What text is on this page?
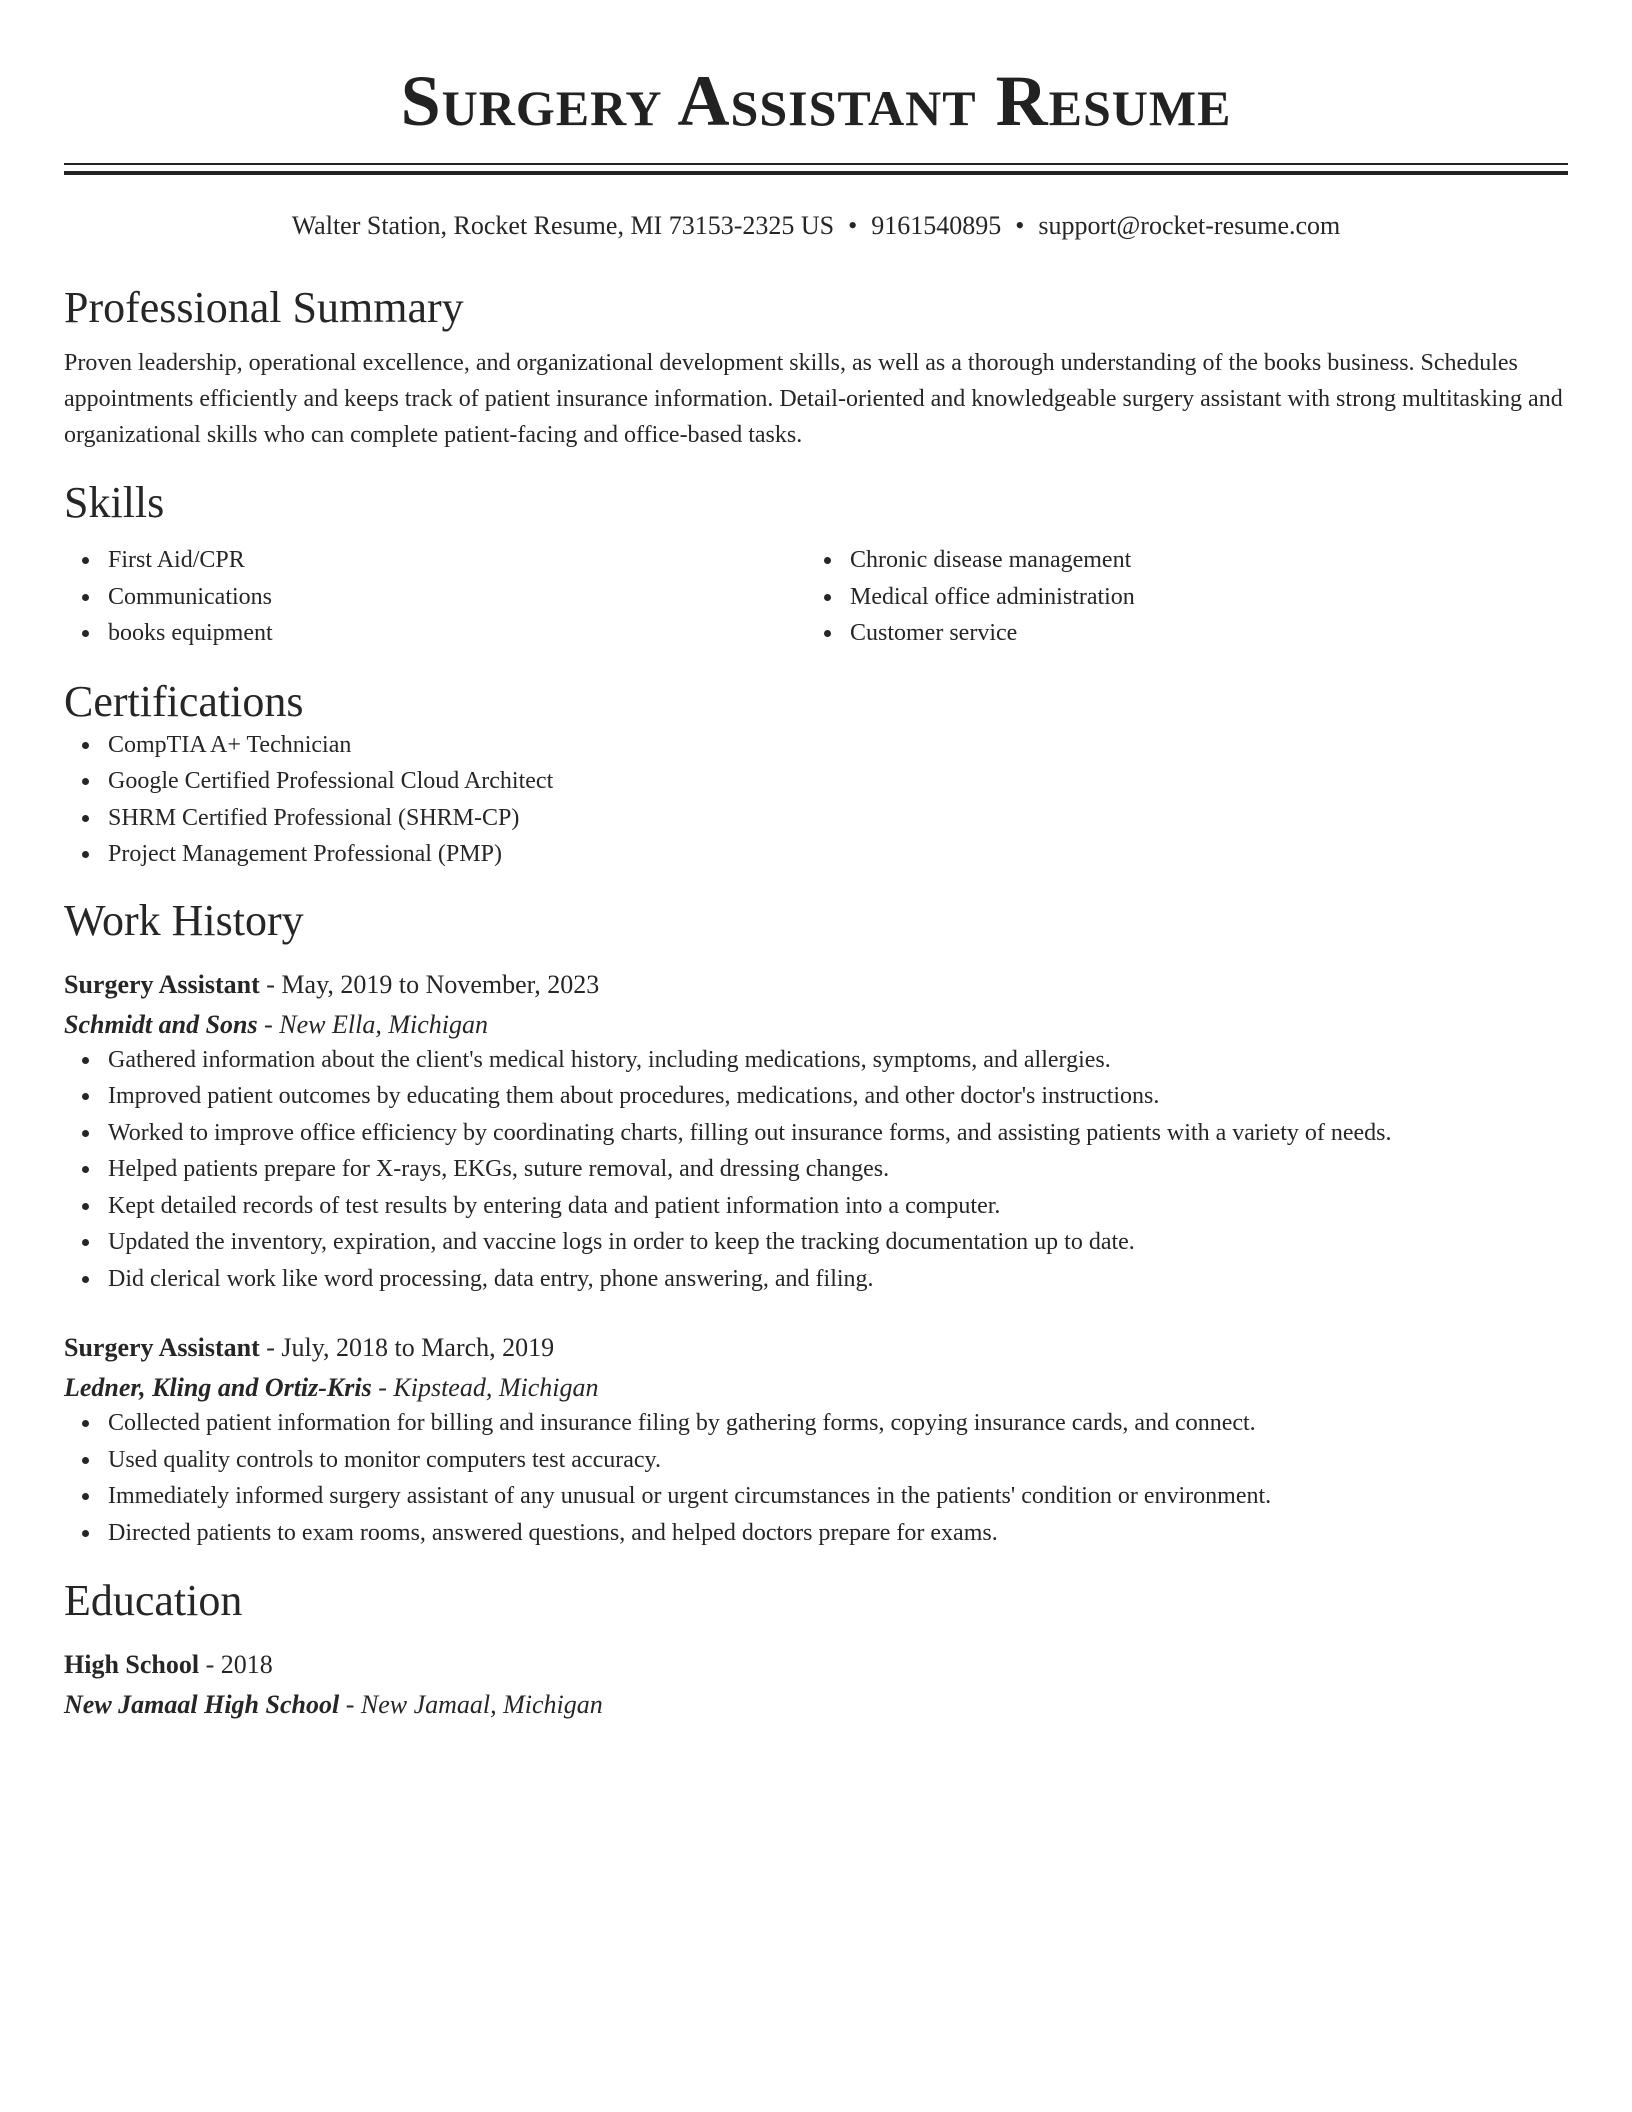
Surgery Assistant Resume
Walter Station, Rocket Resume, MI 73153-2325 US • 9161540895 • support@rocket-resume.com
Professional Summary

Proven leadership, operational excellence, and organizational development skills, as well as a thorough understanding of the books business. Schedules appointments efficiently and keeps track of patient insurance information. Detail-oriented and knowledgeable surgery assistant with strong multitasking and organizational skills who can complete patient-facing and office-based tasks.

Skills
First Aid/CPR
Communications
books equipment
Chronic disease management
Medical office administration
Customer service
Certifications
CompTIA A+ Technician
Google Certified Professional Cloud Architect
SHRM Certified Professional (SHRM-CP)
Project Management Professional (PMP)
Work History
Surgery Assistant - May, 2019 to November, 2023
Schmidt and Sons - New Ella, Michigan
Gathered information about the client's medical history, including medications, symptoms, and allergies.
Improved patient outcomes by educating them about procedures, medications, and other doctor's instructions.
Worked to improve office efficiency by coordinating charts, filling out insurance forms, and assisting patients with a variety of needs.
Helped patients prepare for X-rays, EKGs, suture removal, and dressing changes.
Kept detailed records of test results by entering data and patient information into a computer.
Updated the inventory, expiration, and vaccine logs in order to keep the tracking documentation up to date.
Did clerical work like word processing, data entry, phone answering, and filing.
Surgery Assistant - July, 2018 to March, 2019
Ledner, Kling and Ortiz-Kris - Kipstead, Michigan
Collected patient information for billing and insurance filing by gathering forms, copying insurance cards, and connect.
Used quality controls to monitor computers test accuracy.
Immediately informed surgery assistant of any unusual or urgent circumstances in the patients' condition or environment.
Directed patients to exam rooms, answered questions, and helped doctors prepare for exams.
Education
High School - 2018
New Jamaal High School - New Jamaal, Michigan
